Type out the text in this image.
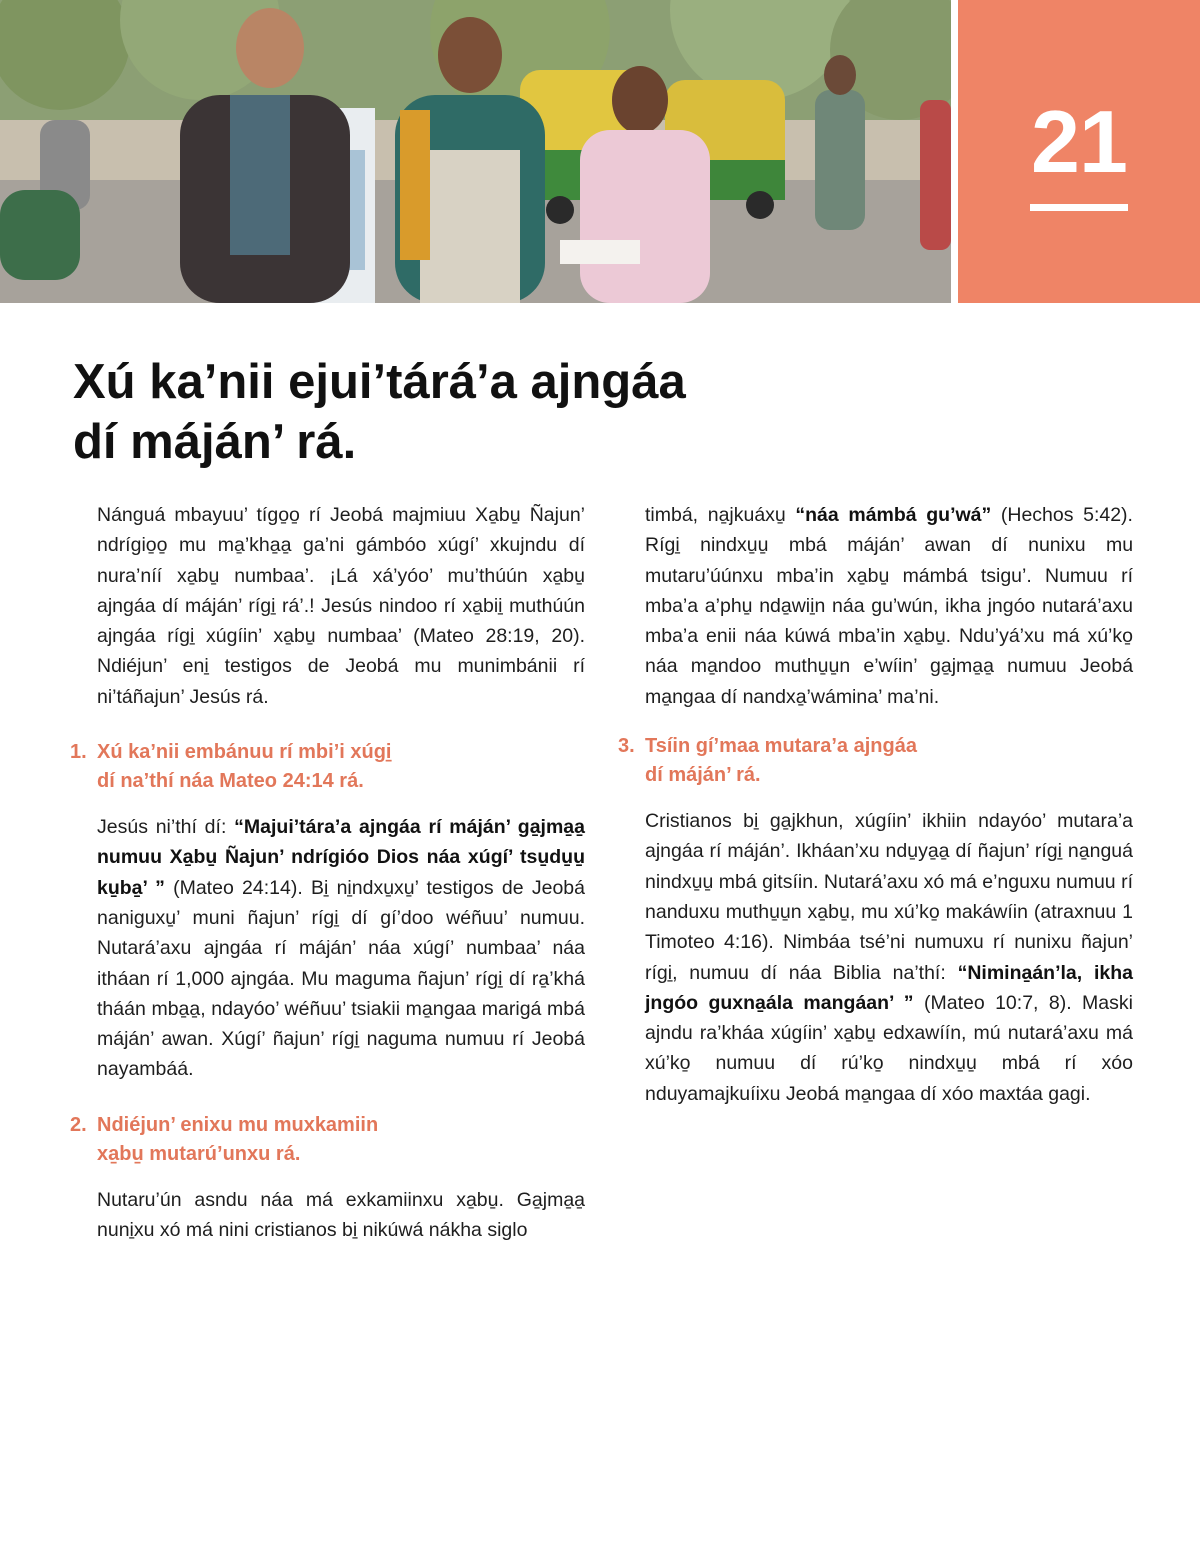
21
Xú ka’nii ejui’tárá’a ajngáa
dí máján’ rá.

Nánguá mbayuu’ tígo̱o̱ rí Jeobá majmiuu Xa̱bu̱ Ñajun’ ndrígio̱o̱ mu ma̱’kha̱a̱ ga’ni gámbóo xúgí’ xkujndu dí nura’níí xa̱bu̱ numbaa’. ¡Lá xá’yóo’ mu’thúún xa̱bu̱ ajngáa dí máján’ rígi̱ rá’.! Jesús nindoo rí xa̱bii̱ muthúún ajngáa rígi̱ xúgíin’ xa̱bu̱ numbaa’ (Mateo 28:19, 20). Ndiéjun’ eni̱ testigos de Jeobá mu munimbánii rí ni’táñajun’ Jesús rá.

1. Xú ka’nii embánuu rí mbi’i xúgi̱
dí na’thí náa Mateo 24:14 rá.

Jesús ni’thí dí: “Majui’tára’a ajngáa rí máján’ ga̱jma̱a̱ numuu Xa̱bu̱ Ñajun’ ndrígióo Dios náa xúgí’ tsu̱du̱u̱ ku̱ba̱’ ” (Mateo 24:14). Bi̱ ni̱ndxu̱xu̱’ testigos de Jeobá naniguxu̱’ muni ñajun’ rígi̱ dí gí’doo wéñuu’ numuu. Nutará’axu ajngáa rí máján’ náa xúgí’ numbaa’ náa itháan rí 1,000 ajngáa. Mu maguma ñajun’ rígi̱ dí ra̱’khá tháán mba̱a̱, ndayóo’ wéñuu’ tsiakii ma̱ngaa marigá mbá máján’ awan. Xúgí’ ñajun’ rígi̱ naguma numuu rí Jeobá nayambáá.

2. Ndiéjun’ enixu mu muxkamiin
xa̱bu̱ mutarú’unxu rá.

Nutaru’ún asndu náa má exkamiinxu xa̱bu̱. Ga̱jma̱a̱ nuni̱xu xó má nini cristianos bi̱ nikúwá nákha siglo

timbá, na̱jkuáxu̱ “náa mámbá gu’wá” (Hechos 5:42). Rígi̱ nindxu̱u̱ mbá máján’ awan dí nunixu mu mutaru’úúnxu mba’in xa̱bu̱ mámbá tsigu’. Numuu rí mba’a a’phu̱ nda̱wii̱n náa gu’wún, ikha jngóo nutará’axu mba’a enii náa kúwá mba’in xa̱bu̱. Ndu’yá’xu má xú’ko̱ náa ma̱ndoo muthu̱u̱n e’wíin’ ga̱jma̱a̱ numuu Jeobá ma̱ngaa dí nandxa̱’wámina’ ma’ni.

3. Tsíin gí’maa mutara’a ajngáa
dí máján’ rá.

Cristianos bi̱ ga̱jkhun, xúgíin’ ikhiin ndayóo’ mutara’a ajngáa rí máján’. Ikháan’xu ndu̱ya̱a̱ dí ñajun’ rígi̱ na̱nguá nindxu̱u̱ mbá gitsíin. Nutará’axu xó má e’nguxu numuu rí nanduxu muthu̱u̱n xa̱bu̱, mu xú’ko̱ makáwíin (atraxnuu 1 Timoteo 4:16). Nimbáa tsé’ni numuxu rí nunixu ñajun’ rígi̱, numuu dí náa Biblia na’thí: “Nimina̱án’la, ikha jngóo guxna̱ála mangáan’ ” (Mateo 10:7, 8). Maski ajndu ra’kháa xúgíin’ xa̱bu̱ edxawíín, mú nutará’axu má xú’ko̱ numuu dí rú’ko̱ nindxu̱u̱ mbá rí xóo nduyamajkuíixu Jeobá ma̱ngaa dí xóo maxtáa gagi.
